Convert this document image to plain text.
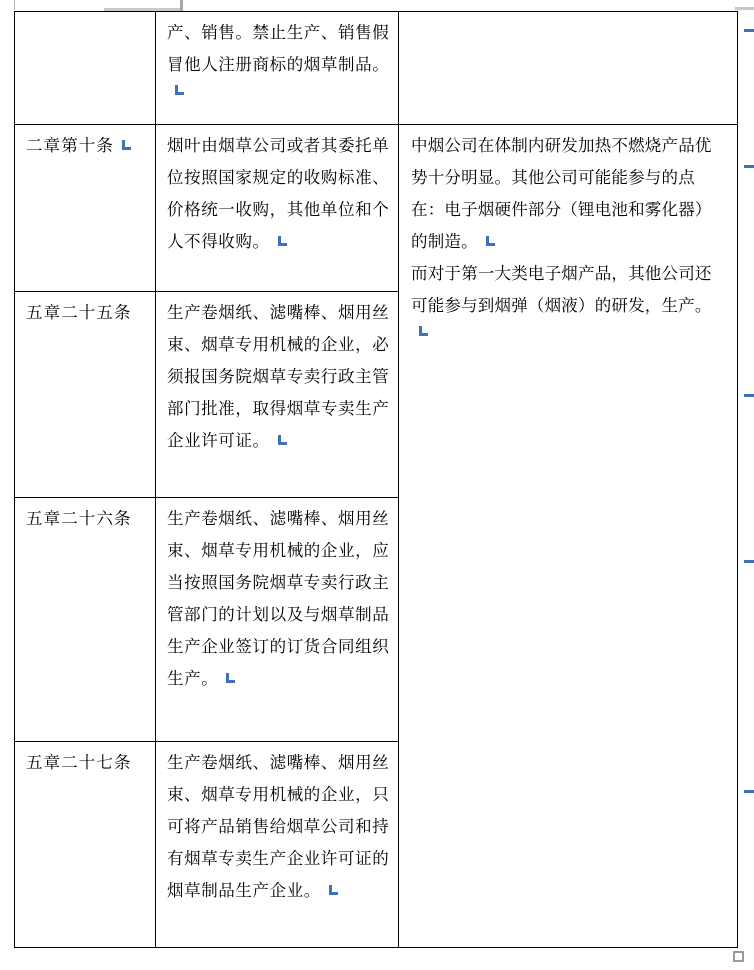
	产、销售。禁止生产、销售假冒他人注册商标的烟草制品。	

二章第十条	烟叶由烟草公司或者其委托单位按照国家规定的收购标准、价格统一收购，其他单位和个人不得收购。	中烟公司在体制内研发加热不燃烧产品优势十分明显。其他公司可能能参与的点在：电子烟硬件部分（锂电池和雾化器）的制造。
而对于第一大类电子烟产品，其他公司还可能参与到烟弹（烟液）的研发，生产。

五章二十五条	生产卷烟纸、滤嘴棒、烟用丝束、烟草专用机械的企业，必须报国务院烟草专卖行政主管部门批准，取得烟草专卖生产企业许可证。	

五章二十六条	生产卷烟纸、滤嘴棒、烟用丝束、烟草专用机械的企业，应当按照国务院烟草专卖行政主管部门的计划以及与烟草制品生产企业签订的订货合同组织生产。	

五章二十七条	生产卷烟纸、滤嘴棒、烟用丝束、烟草专用机械的企业，只可将产品销售给烟草公司和持有烟草专卖生产企业许可证的烟草制品生产企业。	
